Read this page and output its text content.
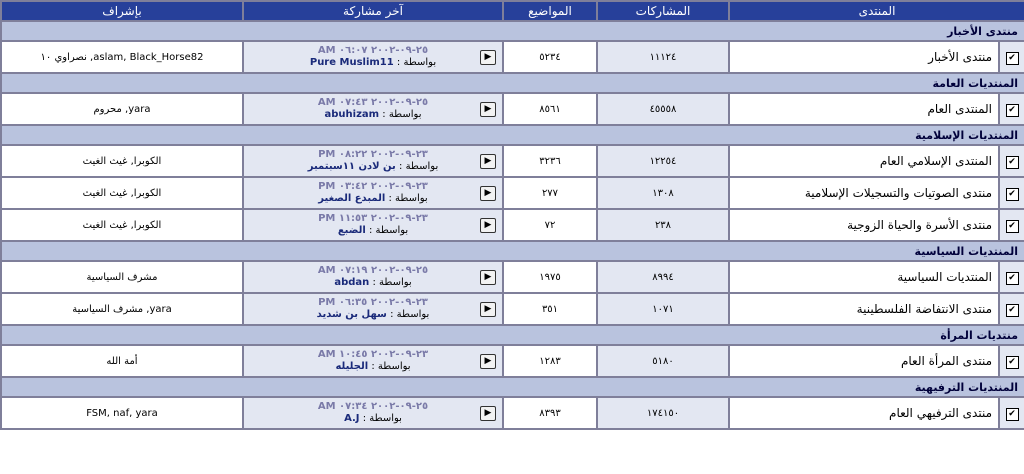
المنتدى		المشاركات	المواضيع	آخر مشاركة	بإشراف
منتدى الأخبار					
✔	منتدى الأخبار	١١١٢٤	٥٢٣٤	٢٥-٠٩-٢٠٠٢ ٠٦:٠٧ AM
بواسطة : Pure Muslim11 ▶	aslam, Black_Horse82, نصراوي ١٠
المنتديات العامة					
✔	المنتدى العام	٤٥٥٥٨	٨٥٦١	٢٥-٠٩-٢٠٠٢ ٠٧:٤٣ AM
بواسطة : abuhizam ▶	yara, محروم
المنتديات الإسلامية					
✔	المنتدى الإسلامي العام	١٢٢٥٤	٣٢٣٦	٢٣-٠٩-٢٠٠٢ ٠٨:٢٢ PM
بواسطة : بن لادن ١١سبتمبر ▶	الكوبرا, غيث الغيث
✔	منتدى الصوتيات والتسجيلات الإسلامية	١٣٠٨	٢٧٧	٢٣-٠٩-٢٠٠٢ ٠٣:٤٢ PM
بواسطة : المبدع الصغير ▶	الكوبرا, غيث الغيث
✔	منتدى الأسرة والحياة الزوجية	٢٣٨	٧٢	٢٣-٠٩-٢٠٠٢ ١١:٥٣ PM
بواسطة : الضبع ▶	الكوبرا, غيث الغيث
المنتديات السياسية					
✔	المنتديات السياسية	٨٩٩٤	١٩٧٥	٢٥-٠٩-٢٠٠٢ ٠٧:١٩ AM
بواسطة : abdan ▶	مشرف السياسية
✔	منتدى الانتفاضة الفلسطينية	١٠٧١	٣٥١	٢٣-٠٩-٢٠٠٢ ٠٦:٣٥ PM
بواسطة : سهل بن شديد ▶	yara, مشرف السياسية
منتديات المرأة					
✔	منتدى المرأة العام	٥١٨٠	١٢٨٣	٢٣-٠٩-٢٠٠٢ ١٠:٤٥ AM
بواسطة : الجليله ▶	أمة الله
المنتديات الترفيهية					
✔	منتدى الترفيهي العام	١٧٤١٥٠	٨٣٩٣	٢٥-٠٩-٢٠٠٢ ٠٧:٣٤ AM
بواسطة : A.J ▶	FSM, naf, yara
